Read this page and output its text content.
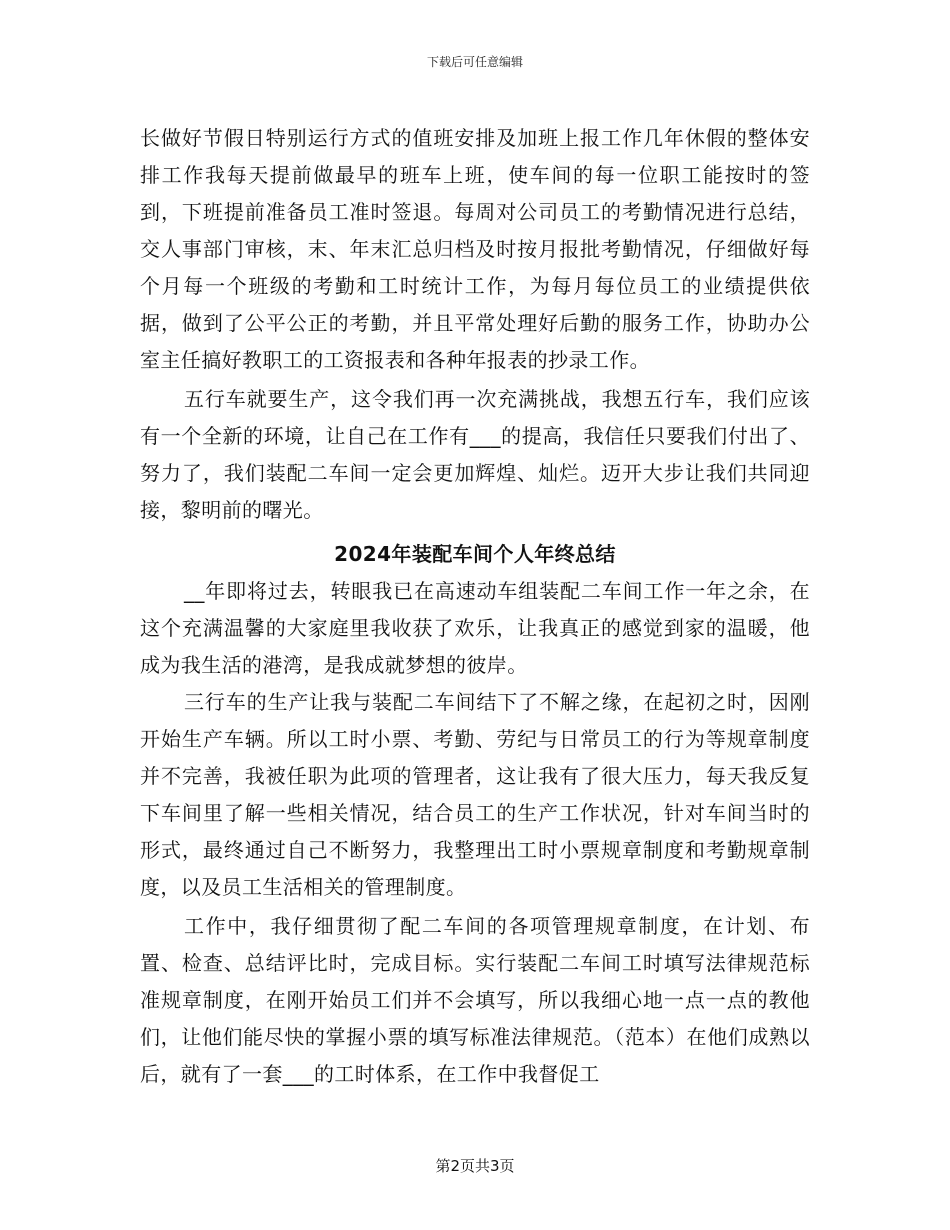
下载后可任意编辑

长做好节假日特别运行方式的值班安排及加班上报工作几年休假的整体安排工作我每天提前做最早的班车上班，使车间的每一位职工能按时的签到，下班提前准备员工准时签退。每周对公司员工的考勤情况进行总结，交人事部门审核，末、年末汇总归档及时按月报批考勤情况，仔细做好每个月每一个班级的考勤和工时统计工作，为每月每位员工的业绩提供依据，做到了公平公正的考勤，并且平常处理好后勤的服务工作，协助办公室主任搞好教职工的工资报表和各种年报表的抄录工作。

五行车就要生产，这令我们再一次充满挑战，我想五行车，我们应该有一个全新的环境，让自己在工作有___的提高，我信任只要我们付出了、努力了，我们装配二车间一定会更加辉煌、灿烂。迈开大步让我们共同迎接，黎明前的曙光。

2024年装配车间个人年终总结

__年即将过去，转眼我已在高速动车组装配二车间工作一年之余，在这个充满温馨的大家庭里我收获了欢乐，让我真正的感觉到家的温暖，他成为我生活的港湾，是我成就梦想的彼岸。

三行车的生产让我与装配二车间结下了不解之缘，在起初之时，因刚开始生产车辆。所以工时小票、考勤、劳纪与日常员工的行为等规章制度并不完善，我被任职为此项的管理者，这让我有了很大压力，每天我反复下车间里了解一些相关情况，结合员工的生产工作状况，针对车间当时的形式，最终通过自己不断努力，我整理出工时小票规章制度和考勤规章制度，以及员工生活相关的管理制度。

工作中，我仔细贯彻了配二车间的各项管理规章制度，在计划、布置、检查、总结评比时，完成目标。实行装配二车间工时填写法律规范标准规章制度，在刚开始员工们并不会填写，所以我细心地一点一点的教他们，让他们能尽快的掌握小票的填写标准法律规范。（范本）在他们成熟以后，就有了一套___的工时体系，在工作中我督促工

第2页共3页
